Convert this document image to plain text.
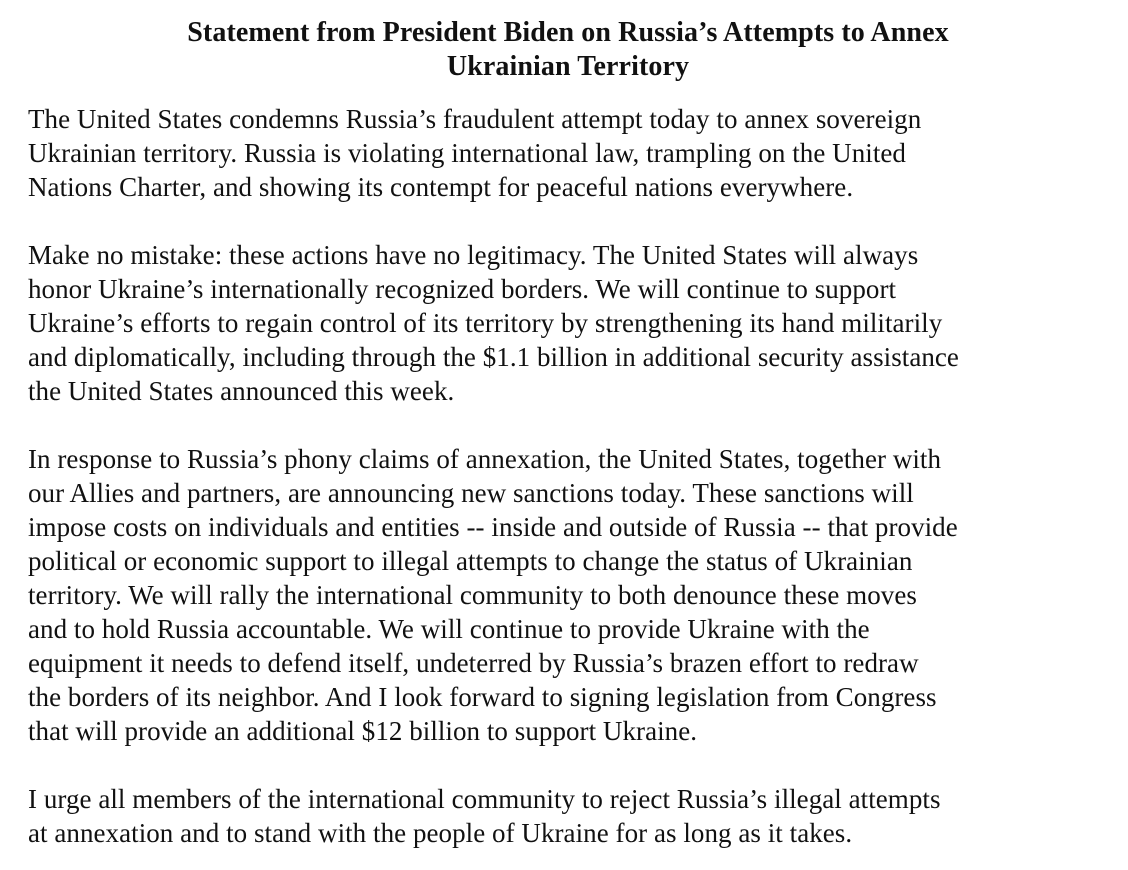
Statement from President Biden on Russia’s Attempts to Annex
Ukrainian Territory

The United States condemns Russia’s fraudulent attempt today to annex sovereign
Ukrainian territory. Russia is violating international law, trampling on the United
Nations Charter, and showing its contempt for peaceful nations everywhere.

Make no mistake: these actions have no legitimacy. The United States will always
honor Ukraine’s internationally recognized borders. We will continue to support
Ukraine’s efforts to regain control of its territory by strengthening its hand militarily
and diplomatically, including through the $1.1 billion in additional security assistance
the United States announced this week.

In response to Russia’s phony claims of annexation, the United States, together with
our Allies and partners, are announcing new sanctions today. These sanctions will
impose costs on individuals and entities -- inside and outside of Russia -- that provide
political or economic support to illegal attempts to change the status of Ukrainian
territory. We will rally the international community to both denounce these moves
and to hold Russia accountable. We will continue to provide Ukraine with the
equipment it needs to defend itself, undeterred by Russia’s brazen effort to redraw
the borders of its neighbor. And I look forward to signing legislation from Congress
that will provide an additional $12 billion to support Ukraine.

I urge all members of the international community to reject Russia’s illegal attempts
at annexation and to stand with the people of Ukraine for as long as it takes.
